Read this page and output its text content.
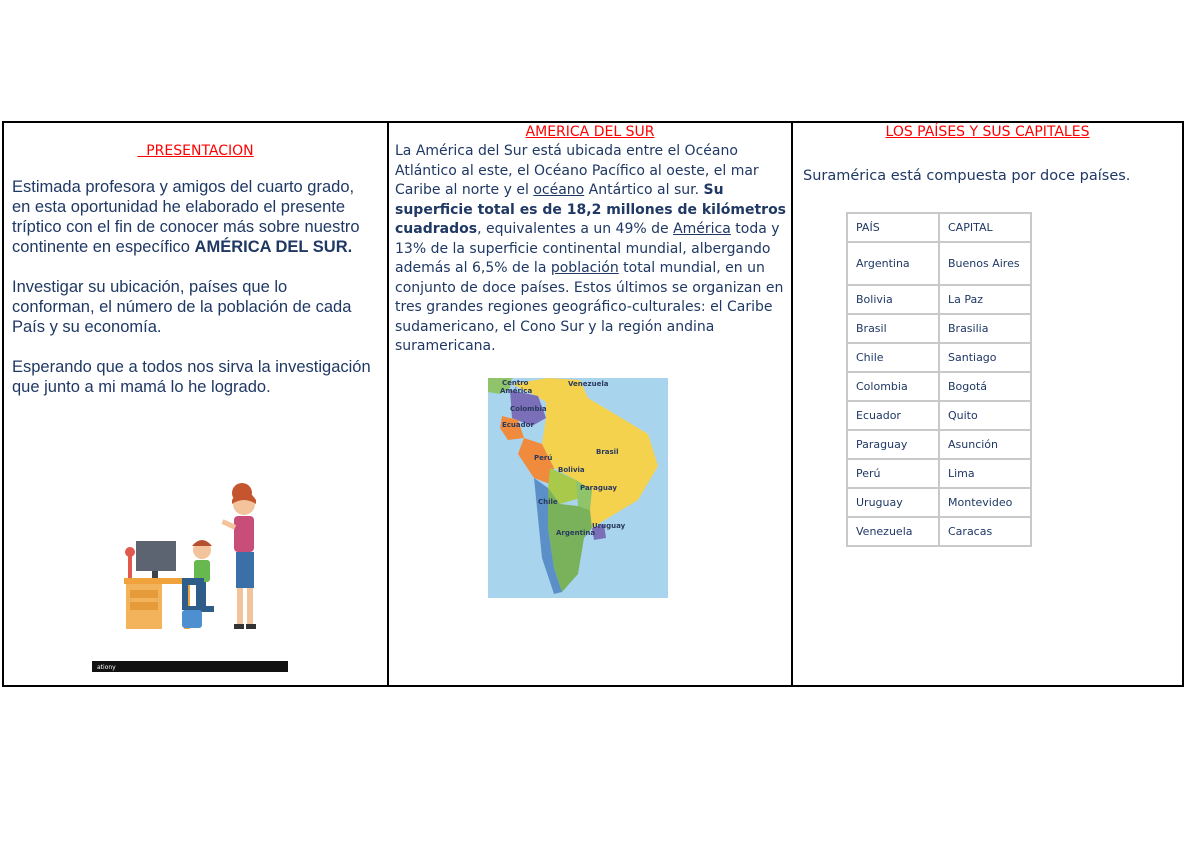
PRESENTACION

Estimada profesora y amigos del cuarto grado, en esta oportunidad he elaborado el presente tríptico con el fin de conocer más sobre nuestro continente en específico AMÉRICA DEL SUR.

Investigar su ubicación, países que lo conforman, el número de la población de cada País y su economía.

Esperando que a todos nos sirva la investigación que junto a mi mamá lo he logrado.

ationy
AMERICA DEL SUR
La América del Sur está ubicada entre el Océano Atlántico al este, el Océano Pacífico al oeste, el mar Caribe al norte y el océano Antártico al sur. Su superficie total es de 18,2 millones de kilómetros cuadrados, equivalentes a un 49% de América toda y 13% de la superficie continental mundial, albergando además al 6,5% de la población total mundial, en un conjunto de doce países. Estos últimos se organizan en tres grandes regiones geográfico-culturales: el Caribe sudamericano, el Cono Sur y la región andina suramericana.
Centro
América
Venezuela
Colombia
Ecuador
Brasil
Perú
Bolivia
Paraguay
Chile
Uruguay
Argentina
LOS PAÍSES Y SUS CAPITALES
Suramérica está compuesta por doce países.
PAÍS	CAPITAL
Argentina	Buenos Aires
Bolivia	La Paz
Brasil	Brasilia
Chile	Santiago
Colombia	Bogotá
Ecuador	Quito
Paraguay	Asunción
Perú	Lima
Uruguay	Montevideo
Venezuela	Caracas
